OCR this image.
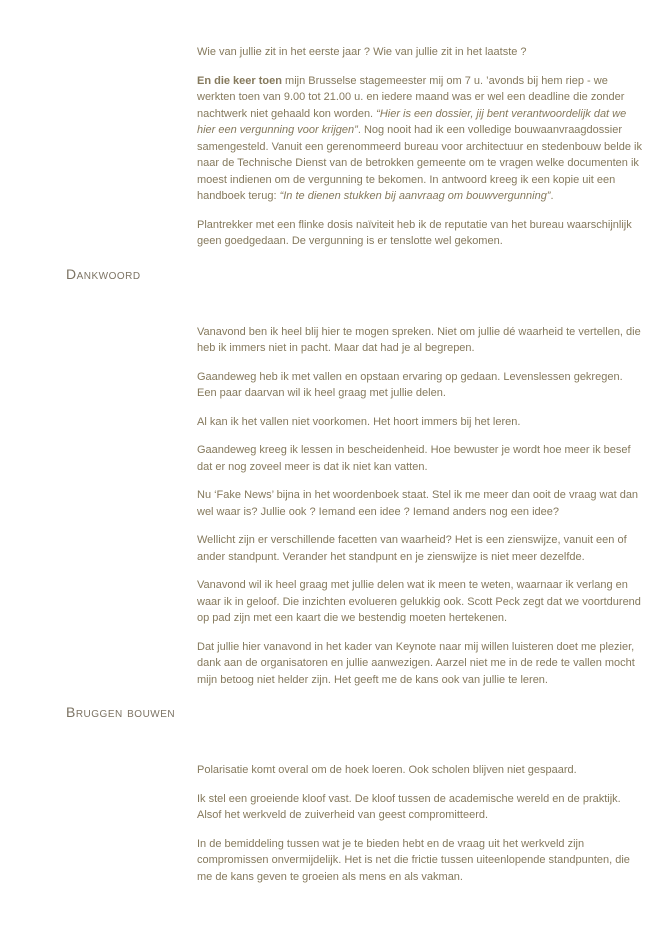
Wie van jullie zit in het eerste jaar ? Wie van jullie zit in het laatste ?

En die keer toen mijn Brusselse stagemeester mij om 7 u. ’avonds bij hem riep - we werkten toen van 9.00 tot 21.00 u. en iedere maand was er wel een deadline die zonder nachtwerk niet gehaald kon worden. “Hier is een dossier, jij bent verantwoordelijk dat we hier een vergunning voor krijgen”. Nog nooit had ik een volledige bouwaanvraagdossier samengesteld. Vanuit een gerenommeerd bureau voor architectuur en stedenbouw belde ik naar de Technische Dienst van de betrokken gemeente om te vragen welke documenten ik moest indienen om de vergunning te bekomen. In antwoord kreeg ik een kopie uit een handboek terug: “In te dienen stukken bij aanvraag om bouwvergunning”.

Plantrekker met een flinke dosis naïviteit heb ik de reputatie van het bureau waarschijnlijk geen goedgedaan. De vergunning is er tenslotte wel gekomen.

Dankwoord

Vanavond ben ik heel blij hier te mogen spreken. Niet om jullie dé waarheid te vertellen, die heb ik immers niet in pacht. Maar dat had je al begrepen.

Gaandeweg heb ik met vallen en opstaan ervaring op gedaan. Levenslessen gekregen. Een paar daarvan wil ik heel graag met jullie delen.

Al kan ik het vallen niet voorkomen. Het hoort immers bij het leren.

Gaandeweg kreeg ik lessen in bescheidenheid. Hoe bewuster je wordt hoe meer ik besef dat er nog zoveel meer is dat ik niet kan vatten.

Nu ‘Fake News’ bijna in het woordenboek staat. Stel ik me meer dan ooit de vraag wat dan wel waar is? Jullie ook ? Iemand een idee ? Iemand anders nog een idee?

Wellicht zijn er verschillende facetten van waarheid? Het is een zienswijze, vanuit een of ander standpunt. Verander het standpunt en je zienswijze is niet meer dezelfde.

Vanavond wil ik heel graag met jullie delen wat ik meen te weten, waarnaar ik verlang en waar ik in geloof. Die inzichten evolueren gelukkig ook. Scott Peck zegt dat we voortdurend op pad zijn met een kaart die we bestendig moeten hertekenen.

Dat jullie hier vanavond in het kader van Keynote naar mij willen luisteren doet me plezier, dank aan de organisatoren en jullie aanwezigen. Aarzel niet me in de rede te vallen mocht mijn betoog niet helder zijn. Het geeft me de kans ook van jullie te leren.

Bruggen bouwen

Polarisatie komt overal om de hoek loeren. Ook scholen blijven niet gespaard.

Ik stel een groeiende kloof vast. De kloof tussen de academische wereld en de praktijk. Alsof het werkveld de zuiverheid van geest compromitteerd.

In de bemiddeling tussen wat je te bieden hebt en de vraag uit het werkveld zijn compromissen onvermijdelijk. Het is net die frictie tussen uiteenlopende standpunten, die me de kans geven te groeien als mens en als vakman.
